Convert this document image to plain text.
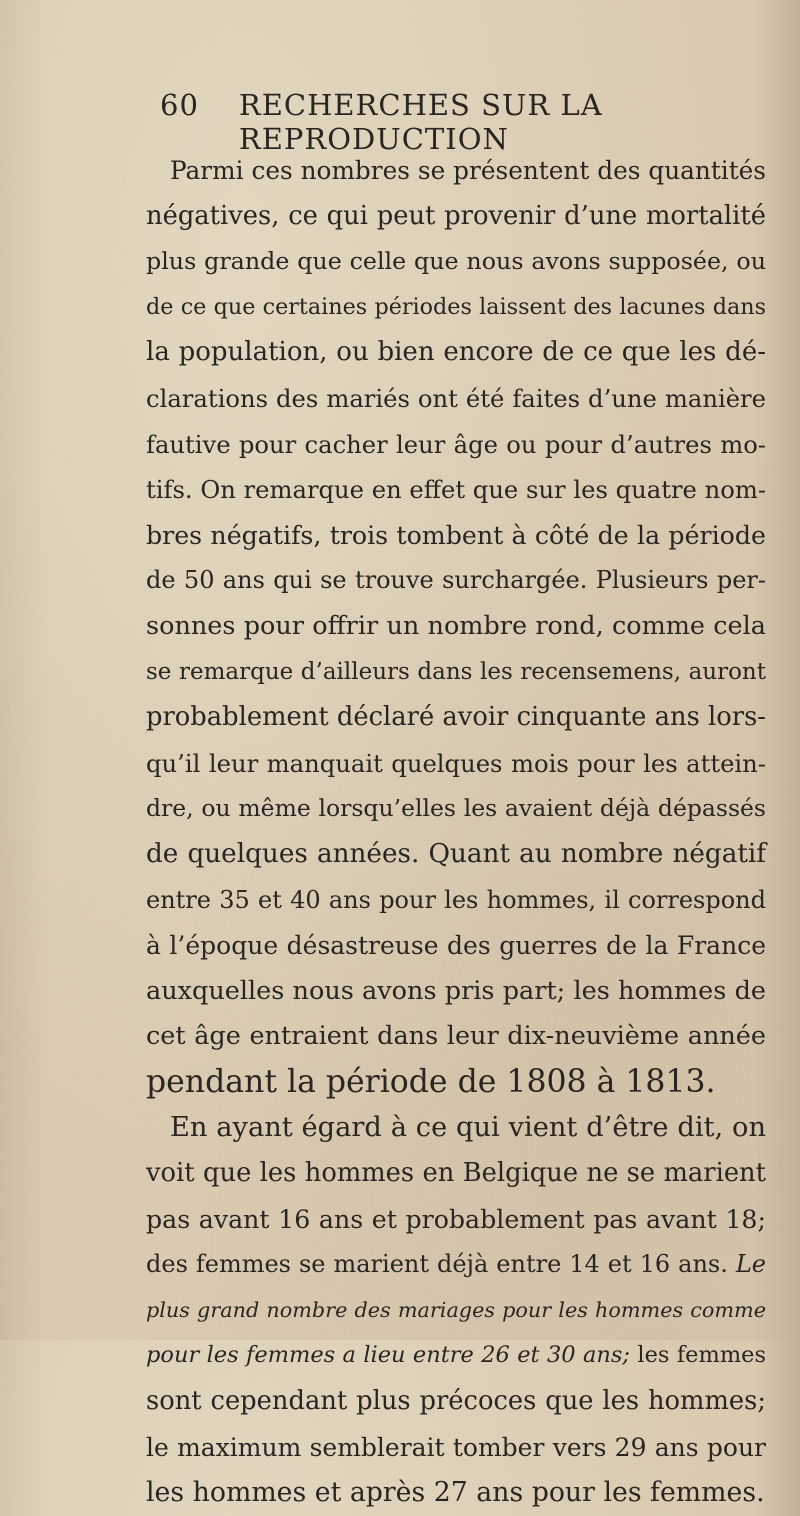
60 RECHERCHES SUR LA REPRODUCTION
Parmi ces nombres se présentent des quantités
négatives, ce qui peut provenir d’une mortalité
plus grande que celle que nous avons supposée, ou
de ce que certaines périodes laissent des lacunes dans
la population, ou bien encore de ce que les dé-
clarations des mariés ont été faites d’une manière
fautive pour cacher leur âge ou pour d’autres mo-
tifs. On remarque en effet que sur les quatre nom-
bres négatifs, trois tombent à côté de la période
de 50 ans qui se trouve surchargée. Plusieurs per-
sonnes pour offrir un nombre rond, comme cela
se remarque d’ailleurs dans les recensemens, auront
probablement déclaré avoir cinquante ans lors-
qu’il leur manquait quelques mois pour les attein-
dre, ou même lorsqu’elles les avaient déjà dépassés
de quelques années. Quant au nombre négatif
entre 35 et 40 ans pour les hommes, il correspond
à l’époque désastreuse des guerres de la France
auxquelles nous avons pris part; les hommes de
cet âge entraient dans leur dix-neuvième année
pendant la période de 1808 à 1813.
En ayant égard à ce qui vient d’être dit, on
voit que les hommes en Belgique ne se marient
pas avant 16 ans et probablement pas avant 18;
des femmes se marient déjà entre 14 et 16 ans. Le
plus grand nombre des mariages pour les hommes comme
pour les femmes a lieu entre 26 et 30 ans; les femmes
sont cependant plus précoces que les hommes;
le maximum semblerait tomber vers 29 ans pour
les hommes et après 27 ans pour les femmes.
